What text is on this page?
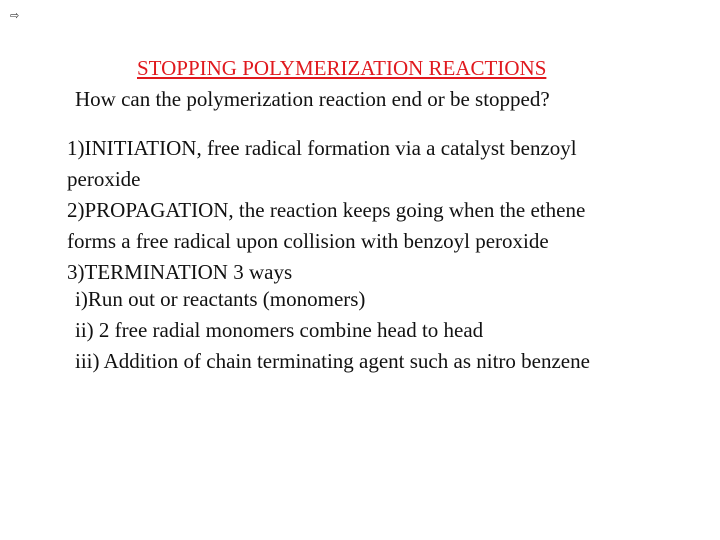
⇨
STOPPING POLYMERIZATION REACTIONS
How can the polymerization reaction end or be stopped?
1)INITIATION, free radical formation via a catalyst benzoyl
peroxide
2)PROPAGATION, the reaction keeps going when the ethene
forms a free radical upon collision with benzoyl peroxide
3)TERMINATION 3 ways
i)Run out or reactants (monomers)
ii) 2 free radial monomers combine head to head
iii) Addition of chain terminating agent such as nitro benzene
